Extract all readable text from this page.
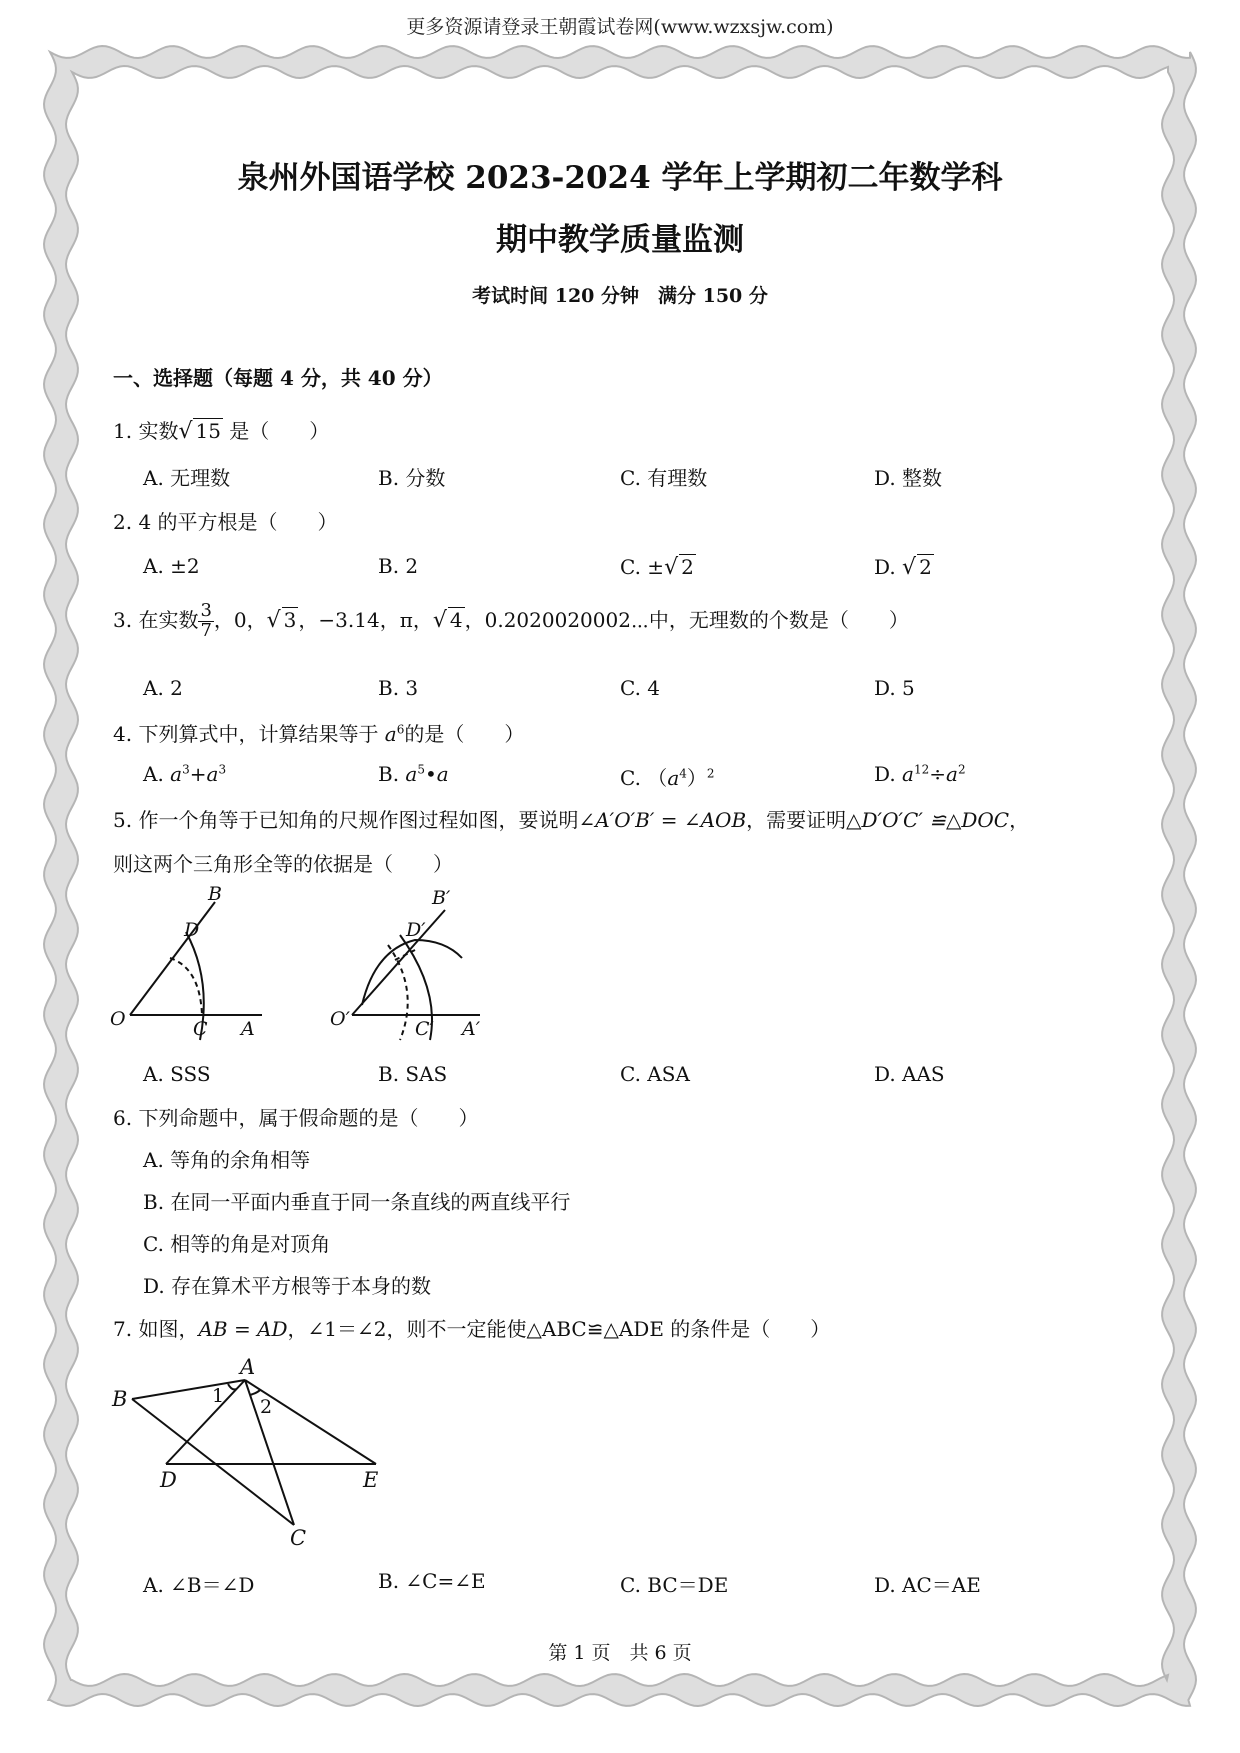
更多资源请登录王朝霞试卷网(www.wzxsjw.com)
泉州外国语学校 2023-2024 学年上学期初二年数学科
期中教学质量监测
考试时间 120 分钟　满分 150 分
一、选择题（每题 4 分，共 40 分）
1. 实数√ 15 是（　　）
A. 无理数	B. 分数	C. 有理数	D. 整数
2. 4 的平方根是（　　）
A. ±2	B. 2	C. ±√ 2	D. √ 2
3. 在实数 $\frac{3}{7}$ ，0，√ 3 ，−3.14，π，√ 4 ，0.2020020002⋯中，无理数的个数是（　　）
A. 2	B. 3	C. 4	D. 5
4. 下列算式中，计算结果等于 $a^6$的是（　　）
A. $a^3+a^3$	B. $a^5•a$	C. $(a^4)^2$	D. $a^{12}\div a^2$
5. 作一个角等于已知角的尺规作图过程如图，要说明∠A′O′B′ = ∠AOB，需要证明△D′O′C′ ≌△DOC，
则这两个三角形全等的依据是（　　）
B
D
O	C A
B′
D′
O′	C′ A′
A. SSS	B. SAS	C. ASA	D. AAS
6. 下列命题中，属于假命题的是（　　）
A. 等角的余角相等
B. 在同一平面内垂直于同一条直线的两直线平行
C. 相等的角是对顶角
D. 存在算术平方根等于本身的数
7. 如图，AB = AD，∠1＝∠2，则不一定能使△ABC≌△ADE 的条件是（　　）
A
B
D	E
C
1 2
A. ∠B＝∠D	B. ∠C=∠E	C. BC＝DE	D. AC＝AE
第 1 页　共 6 页
